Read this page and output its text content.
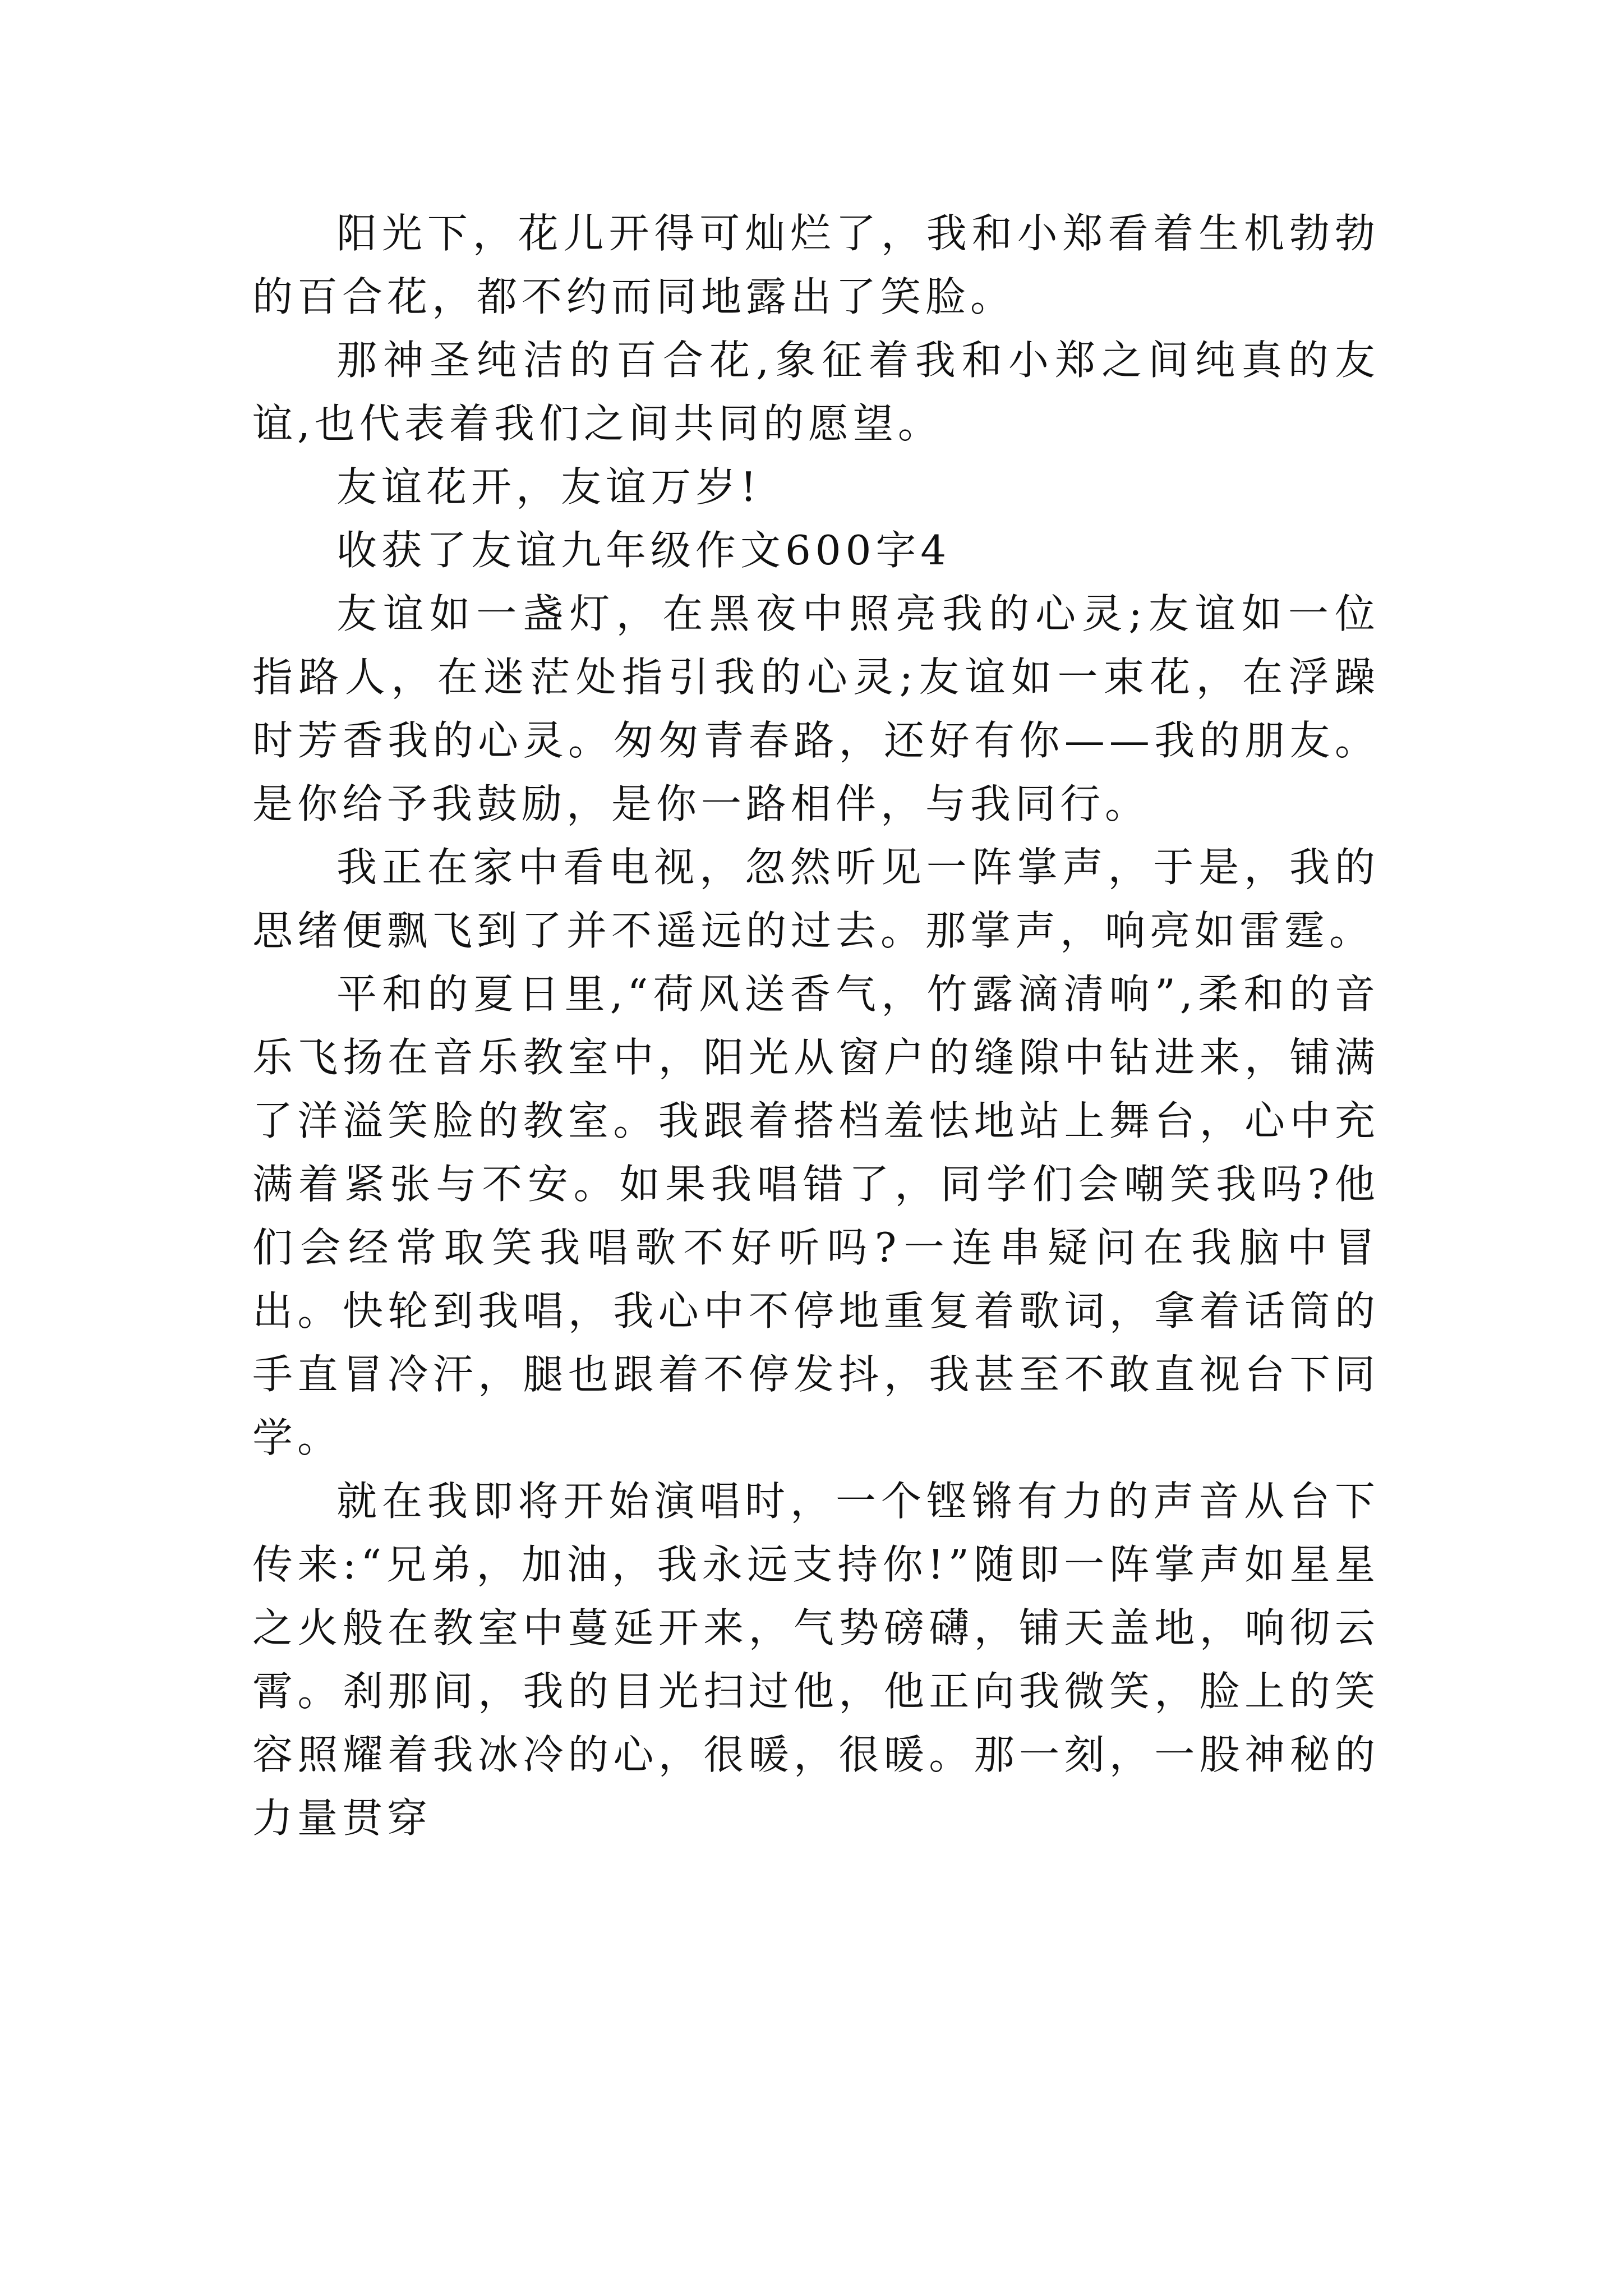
阳光下，花儿开得可灿烂了，我和小郑看着生机勃勃的百合花，都不约而同地露出了笑脸。

那神圣纯洁的百合花,象征着我和小郑之间纯真的友谊,也代表着我们之间共同的愿望。

友谊花开，友谊万岁!

收获了友谊九年级作文600字4

友谊如一盏灯，在黑夜中照亮我的心灵;友谊如一位指路人，在迷茫处指引我的心灵;友谊如一束花，在浮躁时芳香我的心灵。匆匆青春路，还好有你——我的朋友。是你给予我鼓励，是你一路相伴，与我同行。

我正在家中看电视，忽然听见一阵掌声，于是，我的思绪便飘飞到了并不遥远的过去。那掌声，响亮如雷霆。

平和的夏日里,“荷风送香气，竹露滴清响”,柔和的音乐飞扬在音乐教室中，阳光从窗户的缝隙中钻进来，铺满了洋溢笑脸的教室。我跟着搭档羞怯地站上舞台，心中充满着紧张与不安。如果我唱错了，同学们会嘲笑我吗?他们会经常取笑我唱歌不好听吗?一连串疑问在我脑中冒出。快轮到我唱，我心中不停地重复着歌词，拿着话筒的手直冒冷汗，腿也跟着不停发抖，我甚至不敢直视台下同学。

就在我即将开始演唱时，一个铿锵有力的声音从台下传来:“兄弟，加油，我永远支持你!”随即一阵掌声如星星之火般在教室中蔓延开来，气势磅礴，铺天盖地，响彻云霄。刹那间，我的目光扫过他，他正向我微笑，脸上的笑容照耀着我冰冷的心，很暖，很暖。那一刻，一股神秘的力量贯穿
